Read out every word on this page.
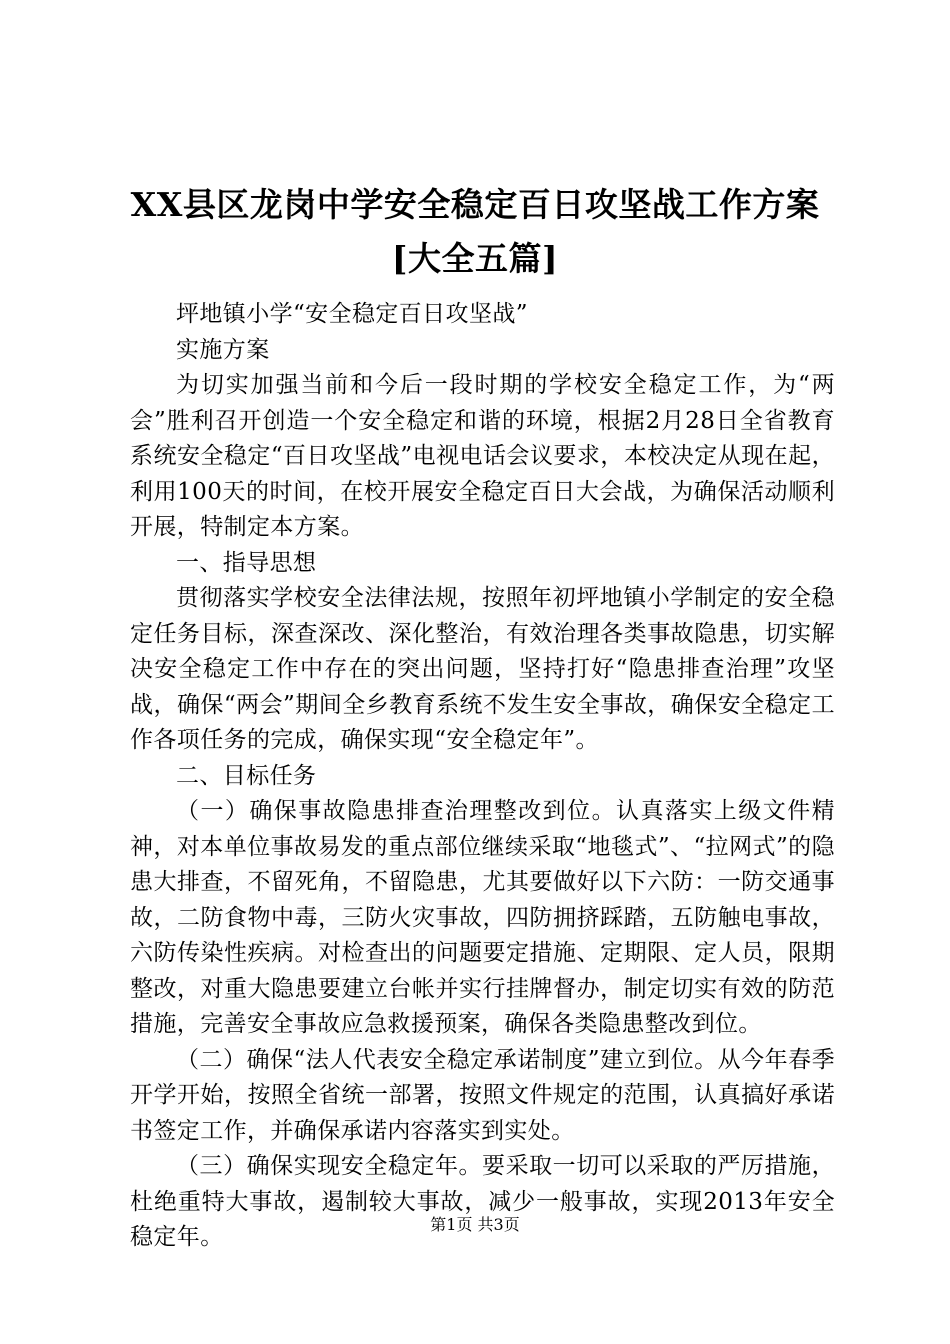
XX县区龙岗中学安全稳定百日攻坚战工作方案[大全五篇]

坪地镇小学“安全稳定百日攻坚战”

实施方案

为切实加强当前和今后一段时期的学校安全稳定工作，为“两会”胜利召开创造一个安全稳定和谐的环境，根据2月28日全省教育系统安全稳定“百日攻坚战”电视电话会议要求，本校决定从现在起，利用100天的时间，在校开展安全稳定百日大会战，为确保活动顺利开展，特制定本方案。

一、指导思想

贯彻落实学校安全法律法规，按照年初坪地镇小学制定的安全稳定任务目标，深查深改、深化整治，有效治理各类事故隐患，切实解决安全稳定工作中存在的突出问题，坚持打好“隐患排查治理”攻坚战，确保“两会”期间全乡教育系统不发生安全事故，确保安全稳定工作各项任务的完成，确保实现“安全稳定年”。

二、目标任务

（一）确保事故隐患排查治理整改到位。认真落实上级文件精神，对本单位事故易发的重点部位继续采取“地毯式”、“拉网式”的隐患大排查，不留死角，不留隐患，尤其要做好以下六防：一防交通事故，二防食物中毒，三防火灾事故，四防拥挤踩踏，五防触电事故，六防传染性疾病。对检查出的问题要定措施、定期限、定人员，限期整改，对重大隐患要建立台帐并实行挂牌督办，制定切实有效的防范措施，完善安全事故应急救援预案，确保各类隐患整改到位。

（二）确保“法人代表安全稳定承诺制度”建立到位。从今年春季开学开始，按照全省统一部署，按照文件规定的范围，认真搞好承诺书签定工作，并确保承诺内容落实到实处。

（三）确保实现安全稳定年。要采取一切可以采取的严厉措施，杜绝重特大事故，遏制较大事故，减少一般事故，实现2013年安全稳定年。	第1页 共3页
